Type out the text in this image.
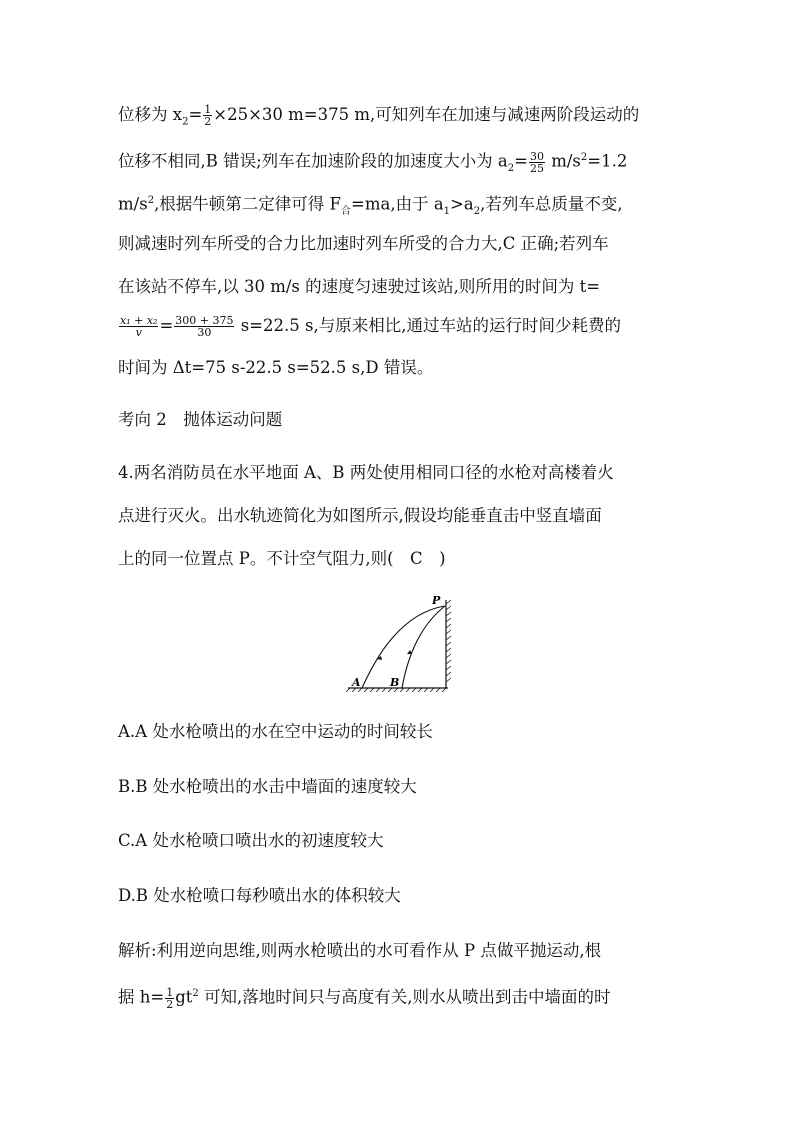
位移为 $x_2= \frac{1}{2} \times 25\times 30$ m=375 m,可知列车在加速与减速两阶段运动的
位移不相同,B 错误;列车在加速阶段的加速度大小为 $a_2= \frac{30}{25} m/s^2=1.2$
$m/s^2$,根据牛顿第二定律可得 $F_合=ma$,由于 $a_1>a_2$,若列车总质量不变,
则减速时列车所受的合力比加速时列车所受的合力大,C 正确;若列车
在该站不停车,以 30 m/s 的速度匀速驶过该站,则所用的时间为 t=
$\frac{\text{x₁ + x₂}}{v} = \frac{300 + 375}{30} s=22.5$ s,与原来相比,通过车站的运行时间少耗费的
时间为 Δt=75 s-22.5 s=52.5 s,D 错误。
考向 2　抛体运动问题
4.两名消防员在水平地面 A、B 两处使用相同口径的水枪对高楼着火
点进行灭火。出水轨迹简化为如图所示,假设均能垂直击中竖直墙面
上的同一位置点 P。不计空气阻力,则(　C　)
P
A	B
A.A 处水枪喷出的水在空中运动的时间较长
B.B 处水枪喷出的水击中墙面的速度较大
C.A 处水枪喷口喷出水的初速度较大
D.B 处水枪喷口每秒喷出水的体积较大
解析:利用逆向思维,则两水枪喷出的水可看作从 P 点做平抛运动,根
据 $h= \frac{1}{2} gt^2$ 可知,落地时间只与高度有关,则水从喷出到击中墙面的时
